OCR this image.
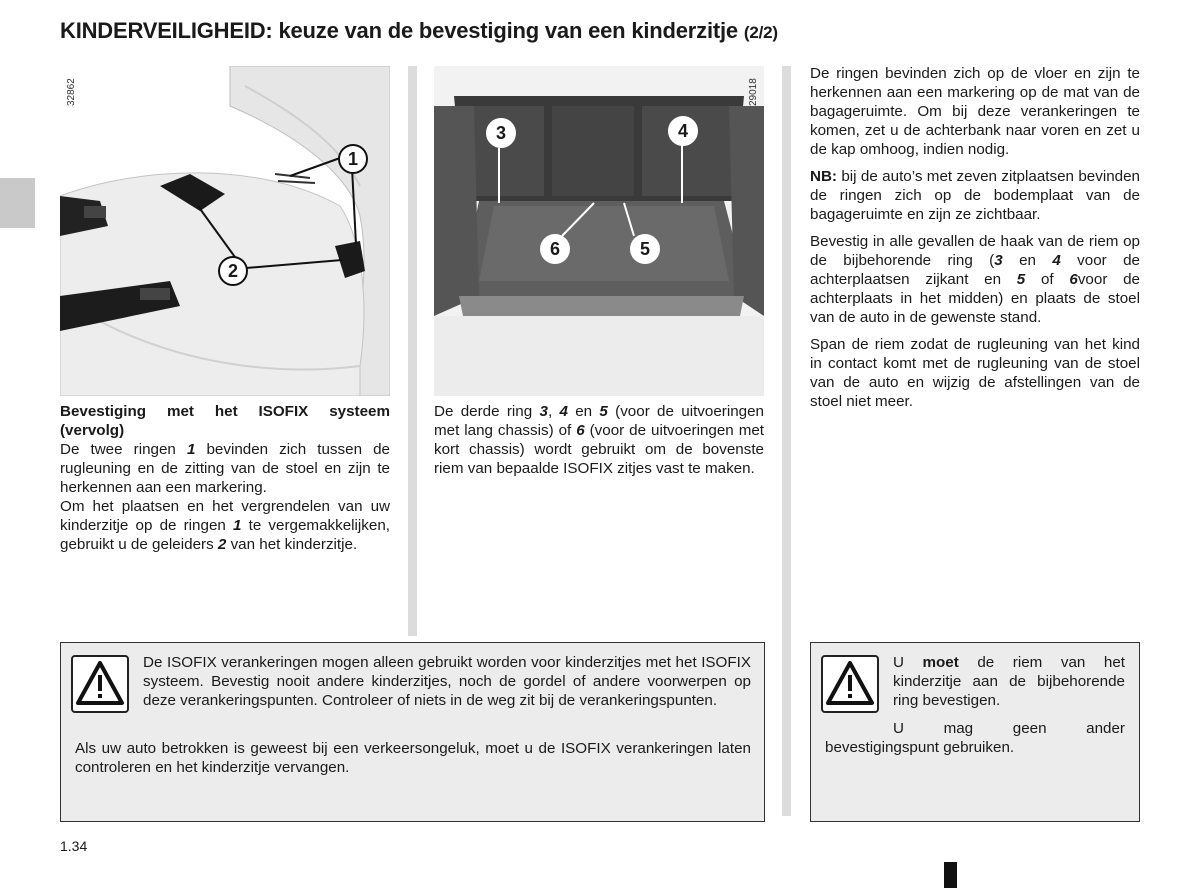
KINDERVEILIGHEID: keuze van de bevestiging van een kinderzitje (2/2)
32862
1
2
29018
3	4
6	5
Bevestiging met het ISOFIX systeem (vervolg)
De twee ringen 1 bevinden zich tussen de rugleuning en de zitting van de stoel en zijn te herkennen aan een markering.
Om het plaatsen en het vergrendelen van uw kinderzitje op de ringen 1 te vergemakkelijken, gebruikt u de geleiders 2 van het kinderzitje.
De derde ring 3, 4 en 5 (voor de uitvoeringen met lang chassis) of 6 (voor de uitvoeringen met kort chassis) wordt gebruikt om de bovenste riem van bepaalde ISOFIX zitjes vast te maken.

De ringen bevinden zich op de vloer en zijn te herkennen aan een markering op de mat van de bagageruimte. Om bij deze verankeringen te komen, zet u de achterbank naar voren en zet u de kap omhoog, indien nodig.

NB: bij de auto’s met zeven zitplaatsen bevinden de ringen zich op de bodemplaat van de bagageruimte en zijn ze zichtbaar.

Bevestig in alle gevallen de haak van de riem op de bijbehorende ring (3 en 4 voor de achterplaatsen zijkant en 5 of 6voor de achterplaats in het midden) en plaats de stoel van de auto in de gewenste stand.

Span de riem zodat de rugleuning van het kind in contact komt met de rugleuning van de stoel van de auto en wijzig de afstellingen van de stoel niet meer.

De ISOFIX verankeringen mogen alleen gebruikt worden voor kinderzitjes met het ISOFIX systeem. Bevestig nooit andere kinderzitjes, noch de gordel of andere voorwerpen op deze verankeringspunten. Controleer of niets in de weg zit bij de verankeringspunten.
Als uw auto betrokken is geweest bij een verkeersongeluk, moet u de ISOFIX verankeringen laten controleren en het kinderzitje vervangen.
U moet de riem van het kinderzitje aan de bijbehorende ring bevestigen.
U mag geen ander bevestigingspunt gebruiken.
1.34
